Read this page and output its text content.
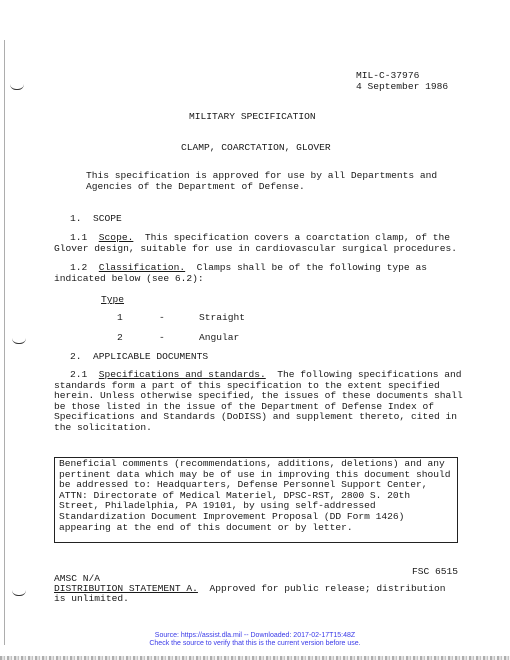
MIL-C-37976
4 September 1986
MILITARY SPECIFICATION
CLAMP, COARCTATION, GLOVER
This specification is approved for use by all Departments and Agencies of the Department of Defense.
1.  SCOPE
1.1 Scope. This specification covers a coarctation clamp, of the Glover design, suitable for use in cardiovascular surgical procedures.
1.2 Classification. Clamps shall be of the following type as indicated below (see 6.2):
Type
1	-	Straight
2	-	Angular
2.  APPLICABLE DOCUMENTS
2.1 Specifications and standards. The following specifications and standards form a part of this specification to the extent specified herein. Unless otherwise specified, the issues of these documents shall be those listed in the issue of the Department of Defense Index of Specifications and Standards (DoDISS) and supplement thereto, cited in the solicitation.
Beneficial comments (recommendations, additions, deletions) and any pertinent data which may be of use in improving this document should be addressed to: Headquarters, Defense Personnel Support Center, ATTN: Directorate of Medical Materiel, DPSC-RST, 2800 S. 20th Street, Philadelphia, PA 19101, by using self-addressed Standardization Document Improvement Proposal (DD Form 1426) appearing at the end of this document or by letter.
FSC 6515
AMSC N/A
DISTRIBUTION STATEMENT A. Approved for public release; distribution
is unlimited.
Source: https://assist.dla.mil -- Downloaded: 2017-02-17T15:48Z
Check the source to verify that this is the current version before use.
